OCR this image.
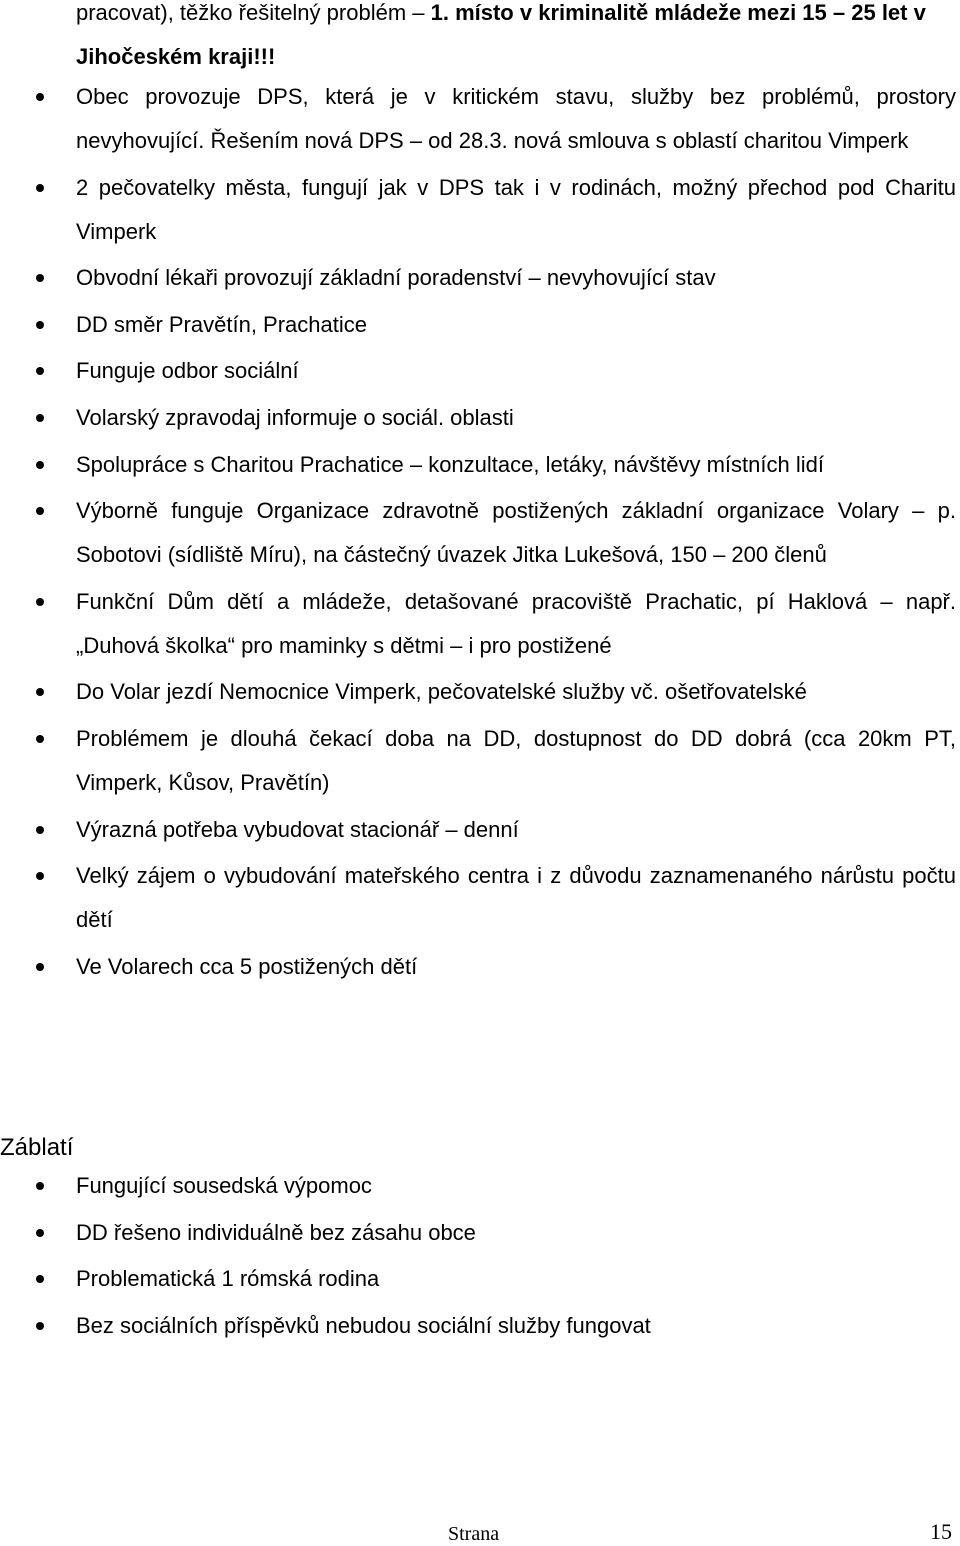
pracovat), těžko řešitelný problém – 1. místo v kriminalitě mládeže mezi 15 – 25 let v Jihočeském kraji!!!

Obec provozuje DPS, která je v kritickém stavu, služby bez problémů, prostory nevyhovující. Řešením nová DPS – od 28.3. nová smlouva s oblastí charitou Vimperk
2 pečovatelky města, fungují jak v DPS tak i v rodinách, možný přechod pod Charitu Vimperk
Obvodní lékaři provozují základní poradenství – nevyhovující stav
DD směr Pravětín, Prachatice
Funguje odbor sociální
Volarský zpravodaj informuje o sociál. oblasti
Spolupráce s Charitou Prachatice – konzultace, letáky, návštěvy místních lidí
Výborně funguje Organizace zdravotně postižených základní organizace Volary – p. Sobotovi (sídliště Míru), na částečný úvazek Jitka Lukešová, 150 – 200 členů
Funkční Dům dětí a mládeže, detašované pracoviště Prachatic, pí Haklová – např. „Duhová školka“ pro maminky s dětmi – i pro postižené
Do Volar jezdí Nemocnice Vimperk, pečovatelské služby vč. ošetřovatelské
Problémem je dlouhá čekací doba na DD, dostupnost do DD dobrá (cca 20km PT, Vimperk, Kůsov, Pravětín)
Výrazná potřeba vybudovat stacionář – denní
Velký zájem o vybudování mateřského centra i z důvodu zaznamenaného nárůstu počtu dětí
Ve Volarech cca 5 postižených dětí
Záblatí
Fungující sousedská výpomoc
DD řešeno individuálně bez zásahu obce
Problematická 1 rómská rodina
Bez sociálních příspěvků nebudou sociální služby fungovat
Strana	15
